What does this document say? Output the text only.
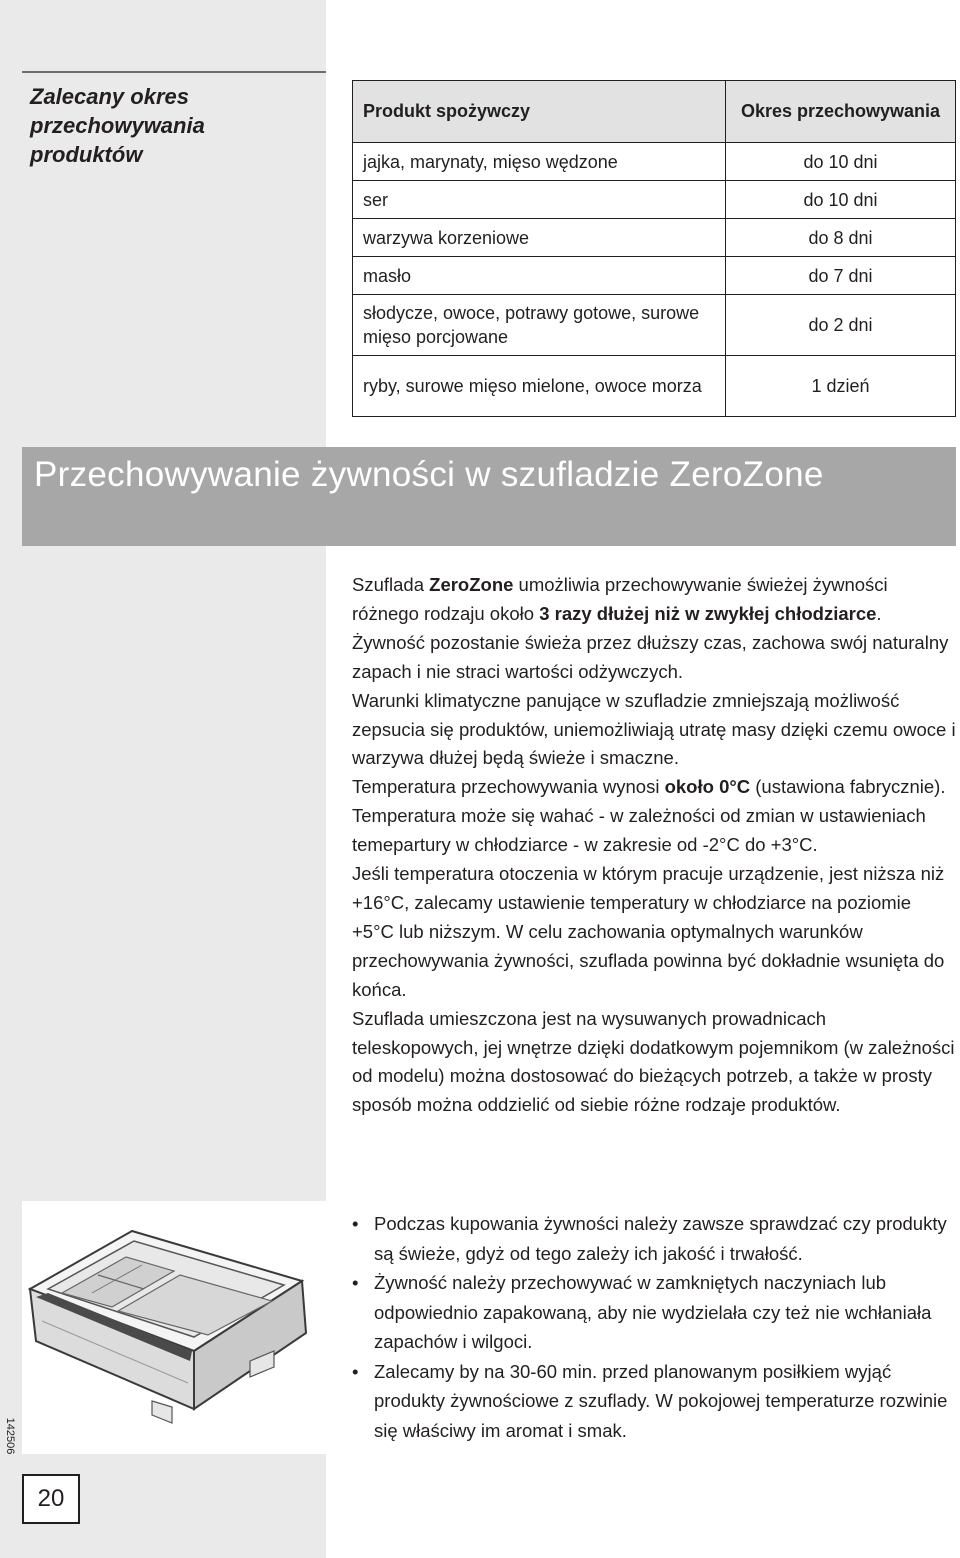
Zalecany okres przechowywania produktów
Produkt spożywczy	Okres przechowywania
jajka, marynaty, mięso wędzone	do 10 dni
ser	do 10 dni
warzywa korzeniowe	do 8 dni
masło	do 7 dni
słodycze, owoce, potrawy gotowe, surowe mięso porcjowane	do 2 dni
ryby, surowe mięso mielone, owoce morza	1 dzień
Przechowywanie żywności w szufladzie ZeroZone

Szuflada ZeroZone umożliwia przechowywanie świeżej żywności różnego rodzaju około 3 razy dłużej niż w zwykłej chłodziarce. Żywność pozostanie świeża przez dłuższy czas, zachowa swój naturalny zapach i nie straci wartości odżywczych.

Warunki klimatyczne panujące w szufladzie zmniejszają możliwość zepsucia się produktów, uniemożliwiają utratę masy dzięki czemu owoce i warzywa dłużej będą świeże i smaczne.

Temperatura przechowywania wynosi około 0°C (ustawiona fabrycznie). Temperatura może się wahać - w zależności od zmian w ustawieniach temepartury w chłodziarce - w zakresie od -2°C do +3°C.

Jeśli temperatura otoczenia w którym pracuje urządzenie, jest niższa niż +16°C, zalecamy ustawienie temperatury w chłodziarce na poziomie +5°C lub niższym. W celu zachowania optymalnych warunków przechowywania żywności, szuflada powinna być dokładnie wsunięta do końca.

Szuflada umieszczona jest na wysuwanych prowadnicach teleskopowych, jej wnętrze dzięki dodatkowym pojemnikom (w zależności od modelu) można dostosować do bieżących potrzeb, a także w prosty sposób można oddzielić od siebie różne rodzaje produktów.

• Podczas kupowania żywności należy zawsze sprawdzać czy produkty są świeże, gdyż od tego zależy ich jakość i trwałość.
• Żywność należy przechowywać w zamkniętych naczyniach lub odpowiednio zapakowaną, aby nie wydzielała czy też nie wchłaniała zapachów i wilgoci.
• Zalecamy by na 30-60 min. przed planowanym posiłkiem wyjąć produkty żywnościowe z szuflady. W pokojowej temperaturze rozwinie się właściwy im aromat i smak.
142506
20
